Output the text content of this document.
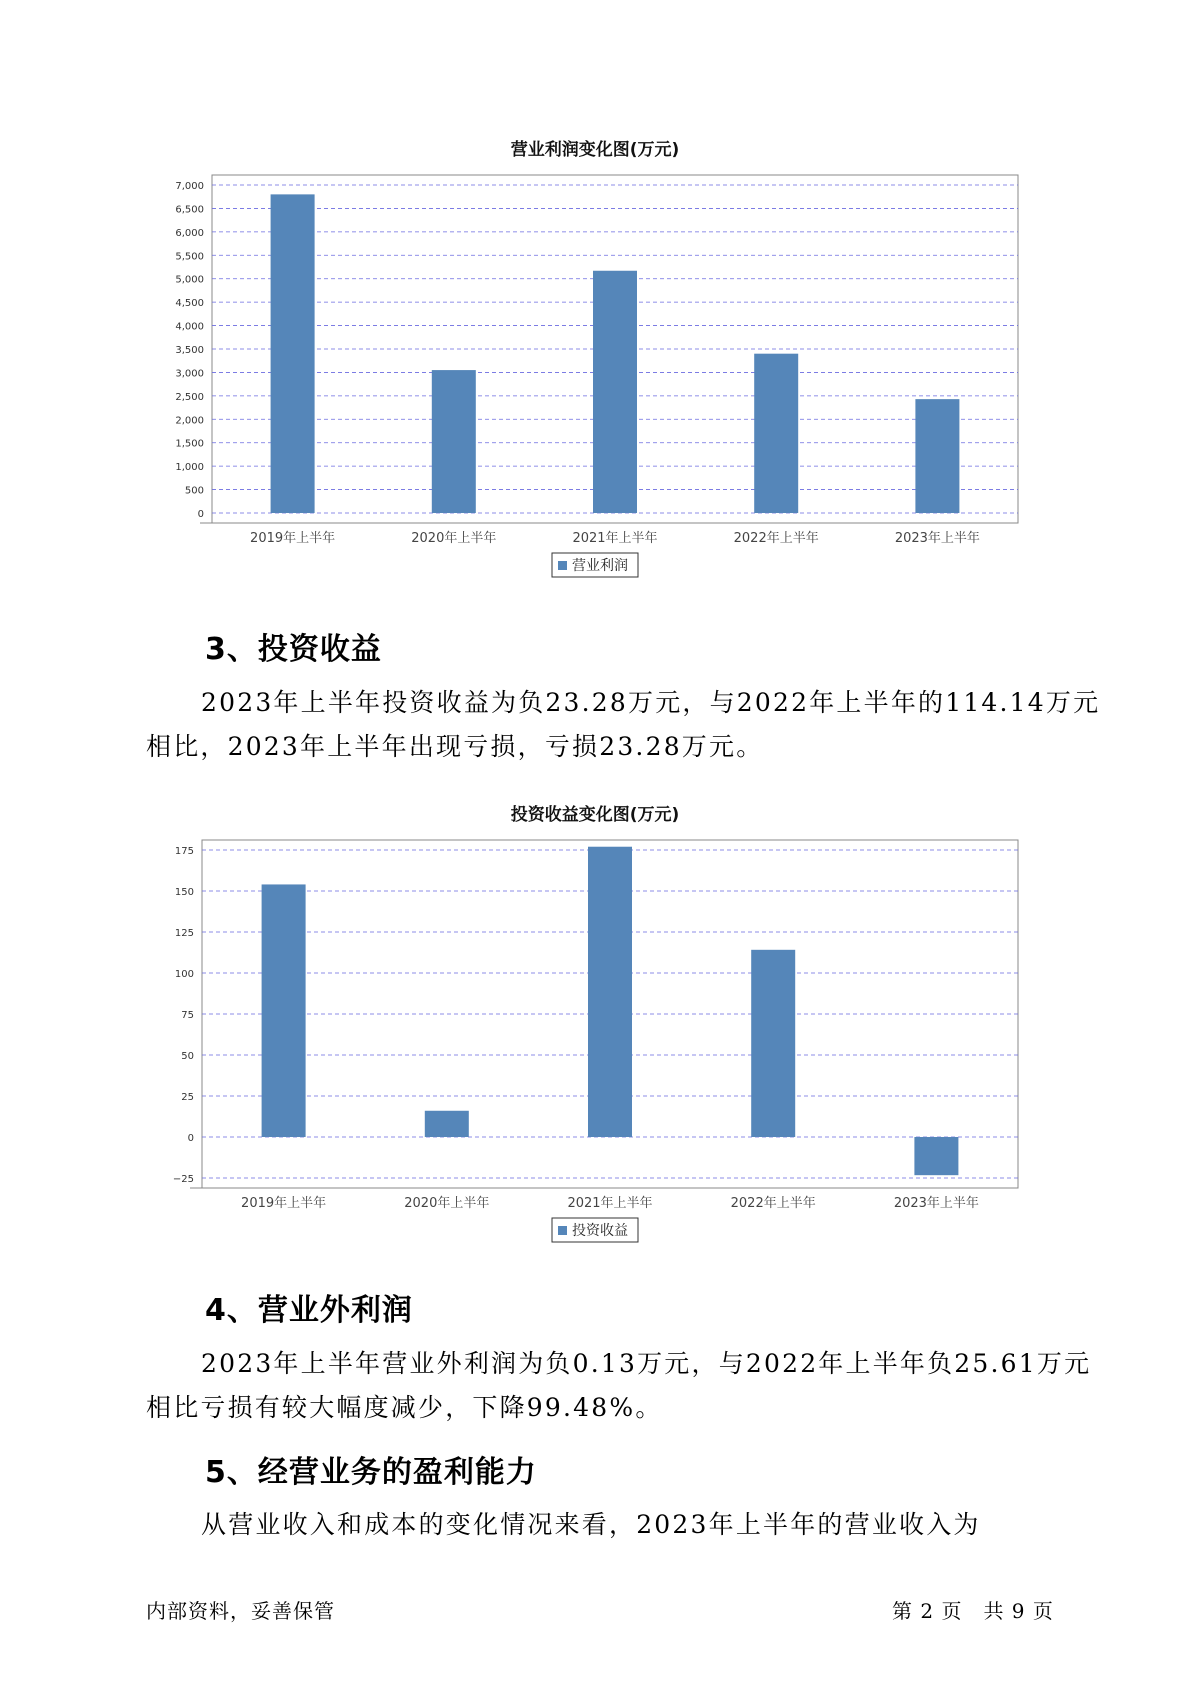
营业利润变化图(万元)
0
500
1,000
1,500
2,000
2,500
3,000
3,500
4,000
4,500
5,000
5,500
6,000
6,500
7,000
2019年上半年	2020年上半年	2021年上半年	2022年上半年	2023年上半年
营业利润
3、投资收益
2023年上半年投资收益为负23.28万元，与2022年上半年的114.14万元
相比，2023年上半年出现亏损，亏损23.28万元。
投资收益变化图(万元)
−25
0
25
50
75
100
125
150
175
2019年上半年	2020年上半年	2021年上半年	2022年上半年	2023年上半年
投资收益
4、营业外利润
2023年上半年营业外利润为负0.13万元，与2022年上半年负25.61万元
相比亏损有较大幅度减少，下降99.48%。
5、经营业务的盈利能力
从营业收入和成本的变化情况来看，2023年上半年的营业收入为
内部资料，妥善保管	第 2 页　共 9 页
